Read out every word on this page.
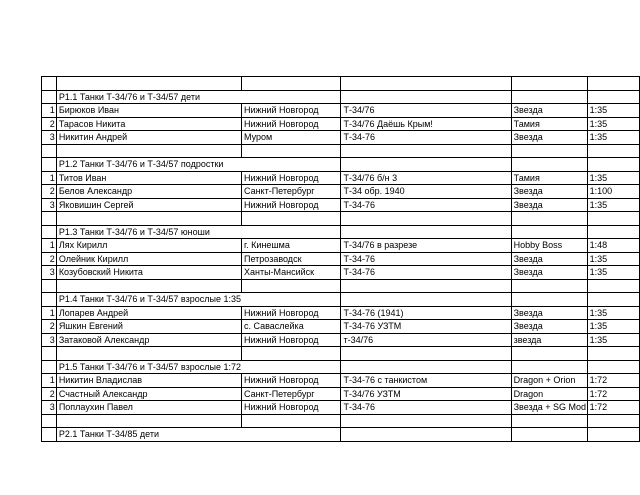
	Р1.1 Танки Т-34/76 и Т-34/57 дети				
1	Бирюков Иван	Нижний Новгород	Т-34/76	Звезда	1:35
2	Тарасов Никита	Нижний Новгород	Т-34/76 Даёшь Крым!	Тамия	1:35
3	Никитин Андрей	Муром	Т-34-76	Звезда	1:35

	Р1.2 Танки Т-34/76 и Т-34/57 подростки				
1	Титов Иван	Нижний Новгород	Т-34/76 б/н 3	Тамия	1:35
2	Белов Александр	Санкт-Петербург	Т-34 обр. 1940	Звезда	1:100
3	Яковишин Сергей	Нижний Новгород	Т-34-76	Звезда	1:35

	Р1.3 Танки Т-34/76 и Т-34/57 юноши				
1	Лях Кирилл	г. Кинешма	Т-34/76 в разрезе	Hobby Boss	1:48
2	Олейник Кирилл	Петрозаводск	Т-34-76	Звезда	1:35
3	Козубовский Никита	Ханты-Мансийск	Т-34-76	Звезда	1:35

	Р1.4 Танки Т-34/76 и Т-34/57 взрослые 1:35				
1	Лопарев Андрей	Нижний Новгород	Т-34-76 (1941)	Звезда	1:35
2	Яшкин Евгений	с. Саваслейка	Т-34-76 УЗТМ	Звезда	1:35
3	Затаковой Александр	Нижний Новгород	т-34/76	звезда	1:35

	Р1.5 Танки Т-34/76 и Т-34/57 взрослые 1:72				
1	Никитин Владислав	Нижний Новгород	Т-34-76 с танкистом	Dragon + Orion	1:72
2	Счастный Александр	Санкт-Петербург	Т-34/76 УЗТМ	Dragon	1:72
3	Поплаухин Павел	Нижний Новгород	Т-34-76	Звезда + SG Mod	1:72

	Р2.1 Танки Т-34/85 дети				
